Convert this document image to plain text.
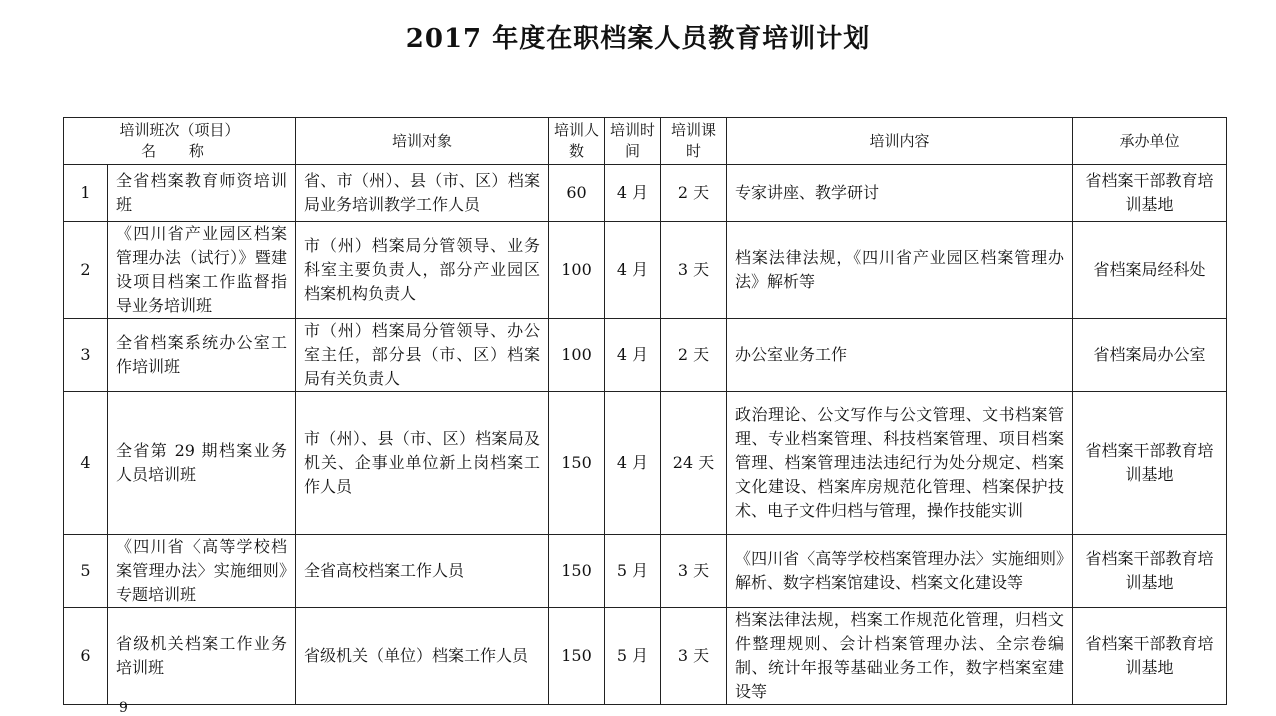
2017 年度在职档案人员教育培训计划
培训班次（项目）
名 称		培训对象	培训人数	培训时间	培训课时	培训内容	承办单位
1	全省档案教育师资培训班	省、市（州）、县（市、区）档案局业务培训教学工作人员	60	4 月	2 天	专家讲座、教学研讨	省档案干部教育培训基地
2	《四川省产业园区档案管理办法（试行）》暨建设项目档案工作监督指导业务培训班	市（州）档案局分管领导、业务科室主要负责人，部分产业园区档案机构负责人	100	4 月	3 天	档案法律法规，《四川省产业园区档案管理办法》解析等	省档案局经科处
3	全省档案系统办公室工作培训班	市（州）档案局分管领导、办公室主任，部分县（市、区）档案局有关负责人	100	4 月	2 天	办公室业务工作	省档案局办公室
4	全省第 29 期档案业务人员培训班	市（州）、县（市、区）档案局及机关、企事业单位新上岗档案工作人员	150	4 月	24 天	政治理论、公文写作与公文管理、文书档案管理、专业档案管理、科技档案管理、项目档案管理、档案管理违法违纪行为处分规定、档案文化建设、档案库房规范化管理、档案保护技术、电子文件归档与管理，操作技能实训	省档案干部教育培训基地
5	《四川省〈高等学校档案管理办法〉实施细则》专题培训班	全省高校档案工作人员	150	5 月	3 天	《四川省〈高等学校档案管理办法〉实施细则》解析、数字档案馆建设、档案文化建设等	省档案干部教育培训基地
6	省级机关档案工作业务培训班	省级机关（单位）档案工作人员	150	5 月	3 天	档案法律法规，档案工作规范化管理，归档文件整理规则、会计档案管理办法、全宗卷编制、统计年报等基础业务工作，数字档案室建设等	省档案干部教育培训基地
9
